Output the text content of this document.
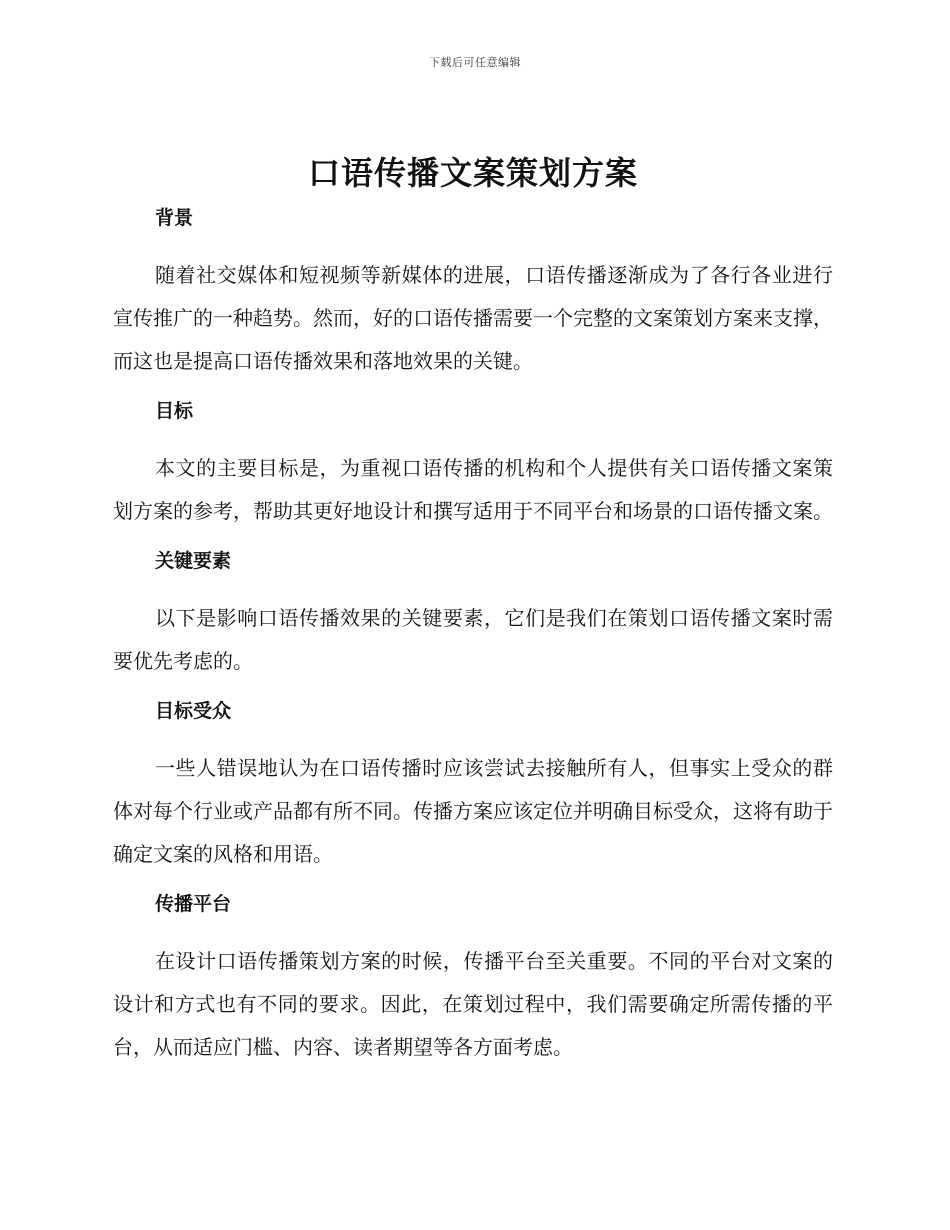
下载后可任意编辑
口语传播文案策划方案
背景

随着社交媒体和短视频等新媒体的进展，口语传播逐渐成为了各行各业进行宣传推广的一种趋势。然而，好的口语传播需要一个完整的文案策划方案来支撑，而这也是提高口语传播效果和落地效果的关键。

目标

本文的主要目标是，为重视口语传播的机构和个人提供有关口语传播文案策划方案的参考，帮助其更好地设计和撰写适用于不同平台和场景的口语传播文案。

关键要素

以下是影响口语传播效果的关键要素，它们是我们在策划口语传播文案时需要优先考虑的。

目标受众

一些人错误地认为在口语传播时应该尝试去接触所有人，但事实上受众的群体对每个行业或产品都有所不同。传播方案应该定位并明确目标受众，这将有助于确定文案的风格和用语。

传播平台

在设计口语传播策划方案的时候，传播平台至关重要。不同的平台对文案的设计和方式也有不同的要求。因此，在策划过程中，我们需要确定所需传播的平台，从而适应门槛、内容、读者期望等各方面考虑。
